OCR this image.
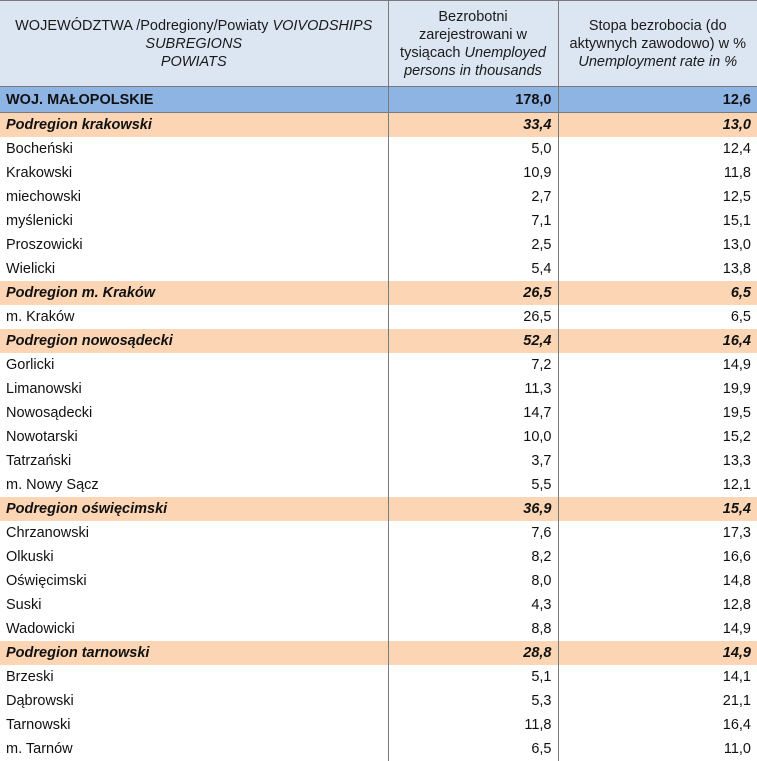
WOJEWÓDZTWA /Podregiony/Powiaty VOIVODSHIPS
SUBREGIONS
POWIATS	Bezrobotni
zarejestrowani w
tysiącach Unemployed
persons in thousands	Stopa bezrobocia (do
aktywnych zawodowo) w %
Unemployment rate in %
WOJ. MAŁOPOLSKIE	178,0	12,6
Podregion krakowski	33,4	13,0
Bocheński	5,0	12,4
Krakowski	10,9	11,8
miechowski	2,7	12,5
myślenicki	7,1	15,1
Proszowicki	2,5	13,0
Wielicki	5,4	13,8
Podregion m. Kraków	26,5	6,5
m. Kraków	26,5	6,5
Podregion nowosądecki	52,4	16,4
Gorlicki	7,2	14,9
Limanowski	11,3	19,9
Nowosądecki	14,7	19,5
Nowotarski	10,0	15,2
Tatrzański	3,7	13,3
m. Nowy Sącz	5,5	12,1
Podregion oświęcimski	36,9	15,4
Chrzanowski	7,6	17,3
Olkuski	8,2	16,6
Oświęcimski	8,0	14,8
Suski	4,3	12,8
Wadowicki	8,8	14,9
Podregion tarnowski	28,8	14,9
Brzeski	5,1	14,1
Dąbrowski	5,3	21,1
Tarnowski	11,8	16,4
m. Tarnów	6,5	11,0
